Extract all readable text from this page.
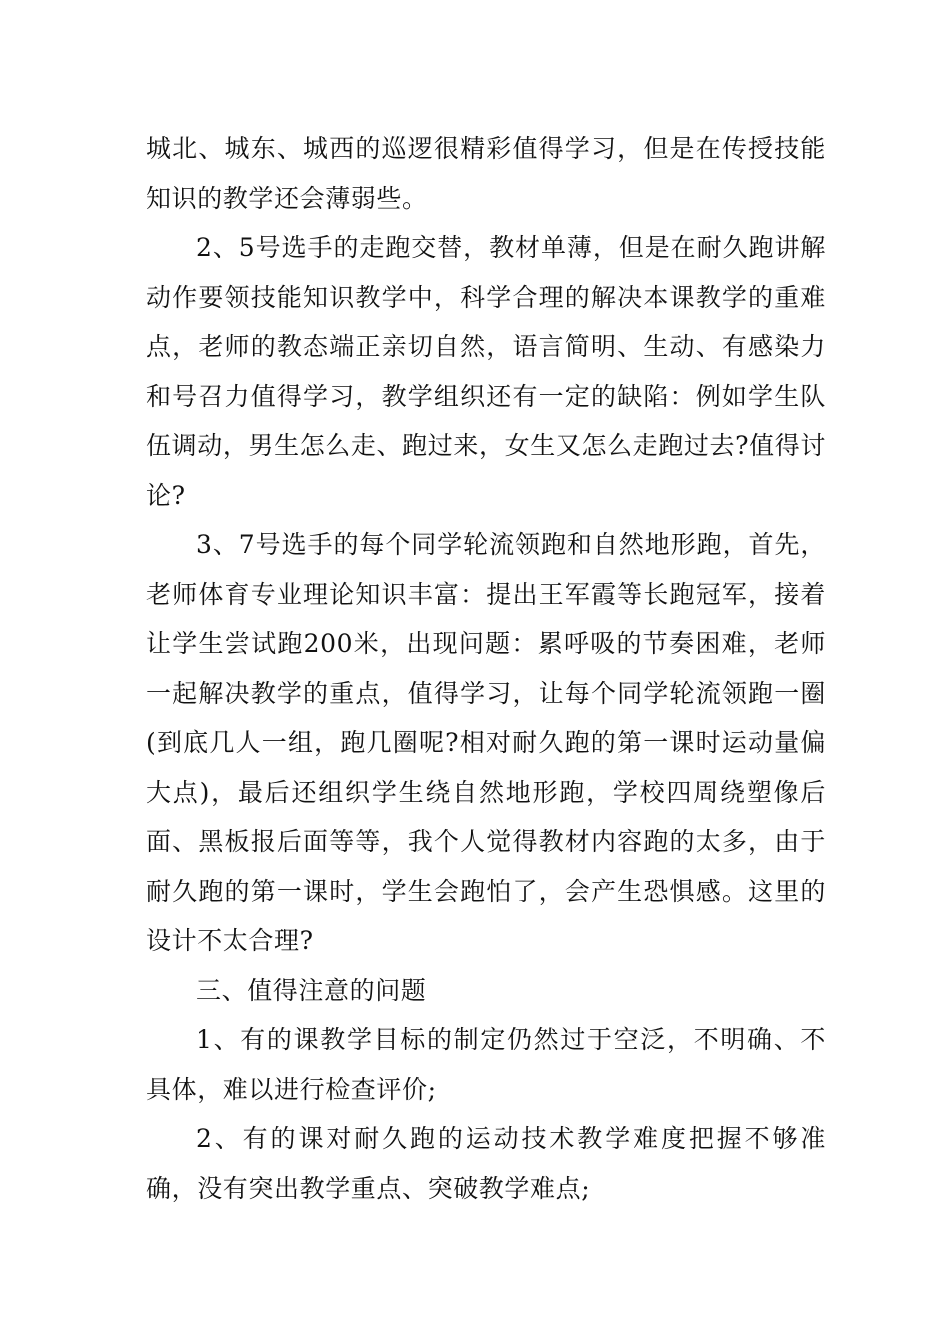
城北、城东、城西的巡逻很精彩值得学习，但是在传授技能知识的教学还会薄弱些。

2、5号选手的走跑交替，教材单薄，但是在耐久跑讲解动作要领技能知识教学中，科学合理的解决本课教学的重难点，老师的教态端正亲切自然，语言简明、生动、有感染力和号召力值得学习，教学组织还有一定的缺陷：例如学生队伍调动，男生怎么走、跑过来，女生又怎么走跑过去?值得讨论?

3、7号选手的每个同学轮流领跑和自然地形跑，首先，老师体育专业理论知识丰富：提出王军霞等长跑冠军，接着让学生尝试跑200米，出现问题：累呼吸的节奏困难，老师一起解决教学的重点，值得学习，让每个同学轮流领跑一圈(到底几人一组，跑几圈呢?相对耐久跑的第一课时运动量偏大点)，最后还组织学生绕自然地形跑，学校四周绕塑像后面、黑板报后面等等，我个人觉得教材内容跑的太多，由于耐久跑的第一课时，学生会跑怕了，会产生恐惧感。这里的设计不太合理?

三、值得注意的问题

1、有的课教学目标的制定仍然过于空泛，不明确、不具体，难以进行检查评价;

2、有的课对耐久跑的运动技术教学难度把握不够准确，没有突出教学重点、突破教学难点;
